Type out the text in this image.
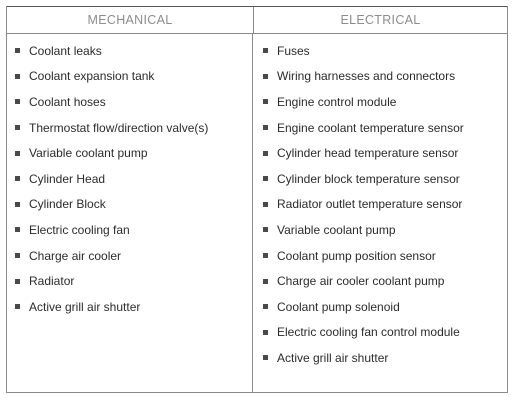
MECHANICAL	ELECTRICAL
Coolant leaks
Coolant expansion tank
Coolant hoses
Thermostat flow/direction valve(s)
Variable coolant pump
Cylinder Head
Cylinder Block
Electric cooling fan
Charge air cooler
Radiator
Active grill air shutter
Fuses
Wiring harnesses and connectors
Engine control module
Engine coolant temperature sensor
Cylinder head temperature sensor
Cylinder block temperature sensor
Radiator outlet temperature sensor
Variable coolant pump
Coolant pump position sensor
Charge air cooler coolant pump
Coolant pump solenoid
Electric cooling fan control module
Active grill air shutter
